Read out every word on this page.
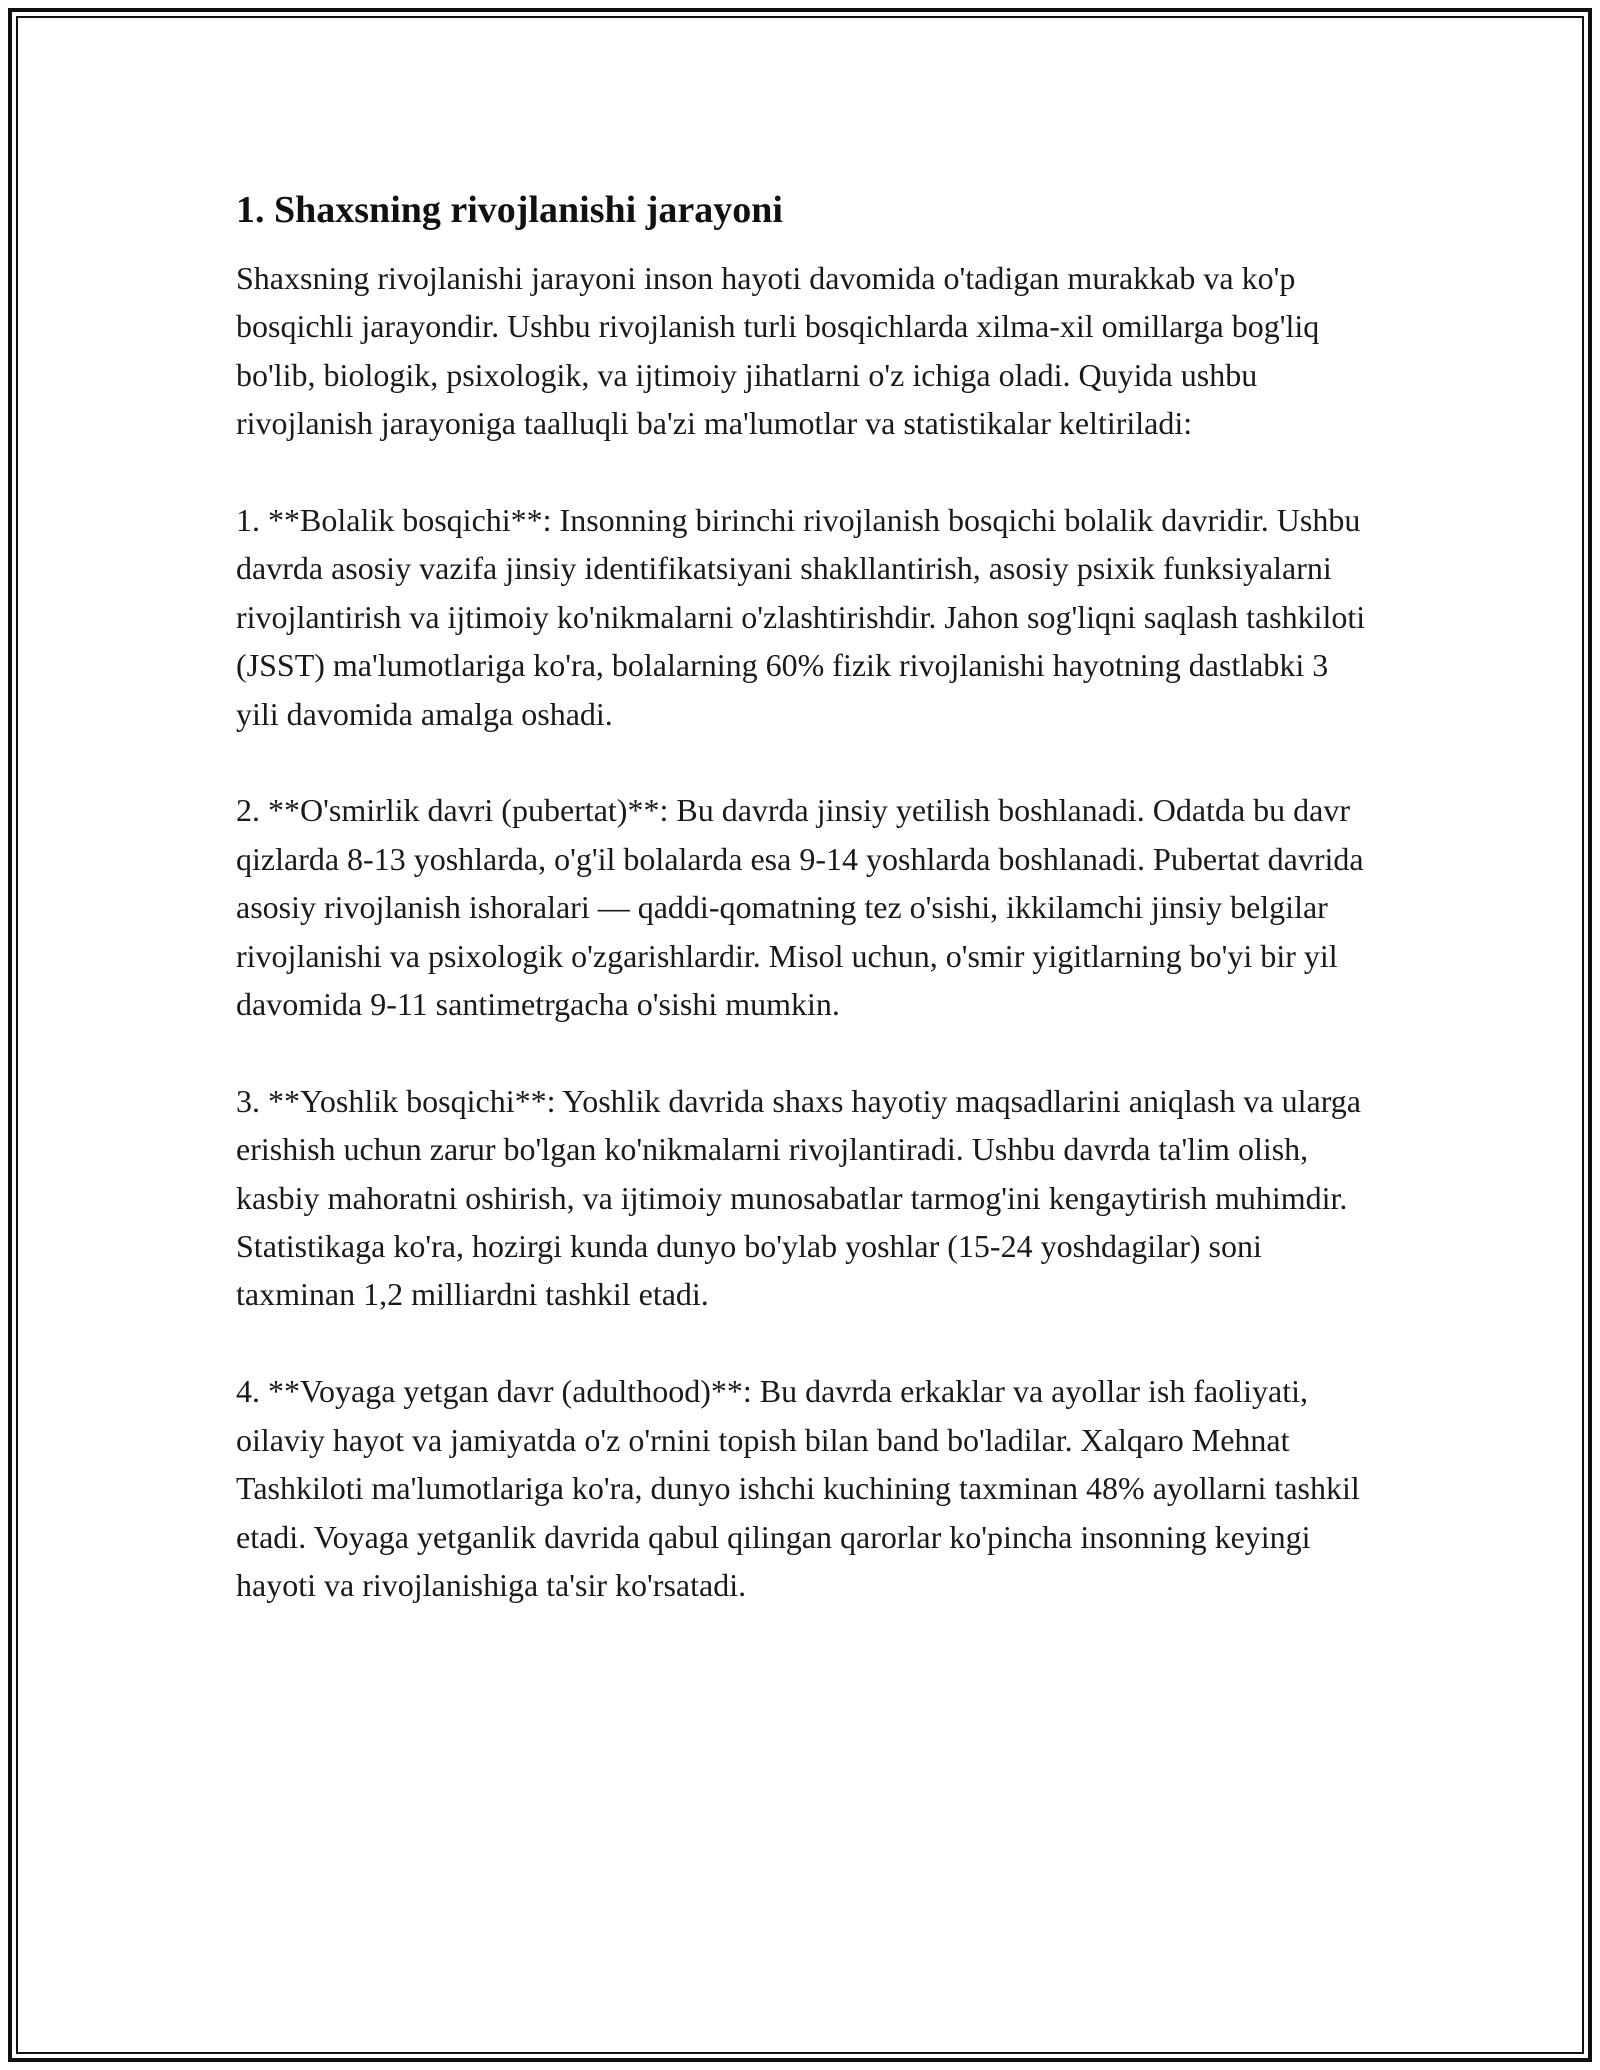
1. Shaxsning rivojlanishi jarayoni

Shaxsning rivojlanishi jarayoni inson hayoti davomida o'tadigan murakkab va ko'p bosqichli jarayondir. Ushbu rivojlanish turli bosqichlarda xilma-xil omillarga bog'liq bo'lib, biologik, psixologik, va ijtimoiy jihatlarni o'z ichiga oladi. Quyida ushbu rivojlanish jarayoniga taalluqli ba'zi ma'lumotlar va statistikalar keltiriladi:

1. **Bolalik bosqichi**: Insonning birinchi rivojlanish bosqichi bolalik davridir. Ushbu davrda asosiy vazifa jinsiy identifikatsiyani shakllantirish, asosiy psixik funksiyalarni rivojlantirish va ijtimoiy ko'nikmalarni o'zlashtirishdir. Jahon sog'liqni saqlash tashkiloti (JSST) ma'lumotlariga ko'ra, bolalarning 60% fizik rivojlanishi hayotning dastlabki 3 yili davomida amalga oshadi.

2. **O'smirlik davri (pubertat)**: Bu davrda jinsiy yetilish boshlanadi. Odatda bu davr qizlarda 8-13 yoshlarda, o'g'il bolalarda esa 9-14 yoshlarda boshlanadi. Pubertat davrida asosiy rivojlanish ishoralari — qaddi-qomatning tez o'sishi, ikkilamchi jinsiy belgilar rivojlanishi va psixologik o'zgarishlardir. Misol uchun, o'smir yigitlarning bo'yi bir yil davomida 9-11 santimetrgacha o'sishi mumkin.

3. **Yoshlik bosqichi**: Yoshlik davrida shaxs hayotiy maqsadlarini aniqlash va ularga erishish uchun zarur bo'lgan ko'nikmalarni rivojlantiradi. Ushbu davrda ta'lim olish, kasbiy mahoratni oshirish, va ijtimoiy munosabatlar tarmog'ini kengaytirish muhimdir. Statistikaga ko'ra, hozirgi kunda dunyo bo'ylab yoshlar (15-24 yoshdagilar) soni taxminan 1,2 milliardni tashkil etadi.

4. **Voyaga yetgan davr (adulthood)**: Bu davrda erkaklar va ayollar ish faoliyati, oilaviy hayot va jamiyatda o'z o'rnini topish bilan band bo'ladilar. Xalqaro Mehnat Tashkiloti ma'lumotlariga ko'ra, dunyo ishchi kuchining taxminan 48% ayollarni tashkil etadi. Voyaga yetganlik davrida qabul qilingan qarorlar ko'pincha insonning keyingi hayoti va rivojlanishiga ta'sir ko'rsatadi.
